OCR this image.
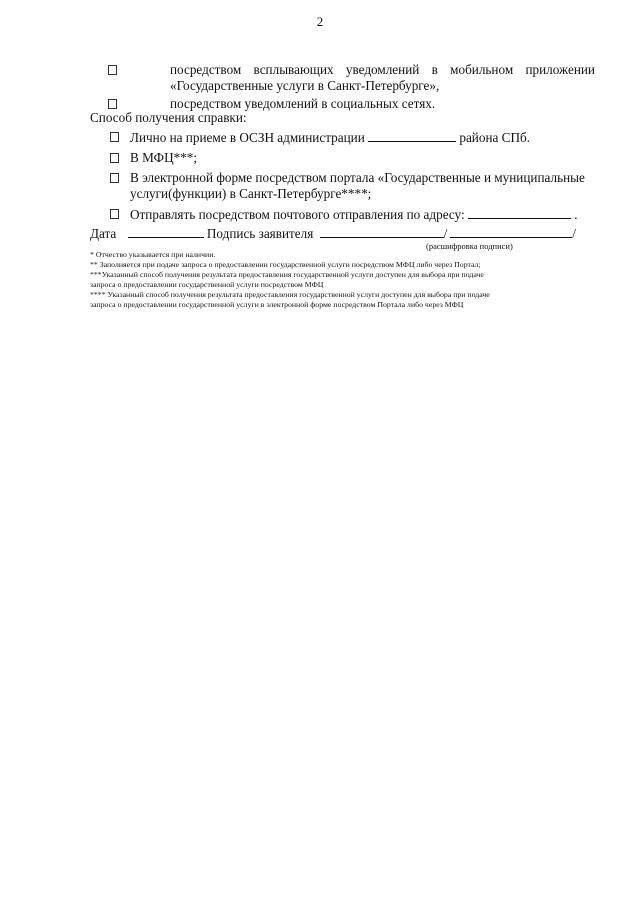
2
посредством всплывающих уведомлений в мобильном приложении
«Государственные услуги в Санкт-Петербурге»,
посредством уведомлений в социальных сетях.
Способ получения справки:
Лично на приеме в ОСЗН администрации	района СПб.
В МФЦ***;
В электронной форме посредством портала «Государственные и муниципальные
услуги(функции) в Санкт-Петербурге****;
Отправлять посредством почтового отправления по адресу:	.
Дата	Подпись заявителя	/	/
(расшифровка подписи)
* Отчество указывается при наличии.
** Заполняется при подаче запроса о предоставлении государственной услуги посредством МФЦ либо через Портал;
***Указанный способ получения результата предоставления государственной услуги доступен для выбора при подаче
запроса о предоставлении государственной услуги посредством МФЦ
**** Указанный способ получения результата предоставления государственной услуги доступен для выбора при подаче
запроса о предоставлении государственной услуги в электронной форме посредством Портала либо через МФЦ
